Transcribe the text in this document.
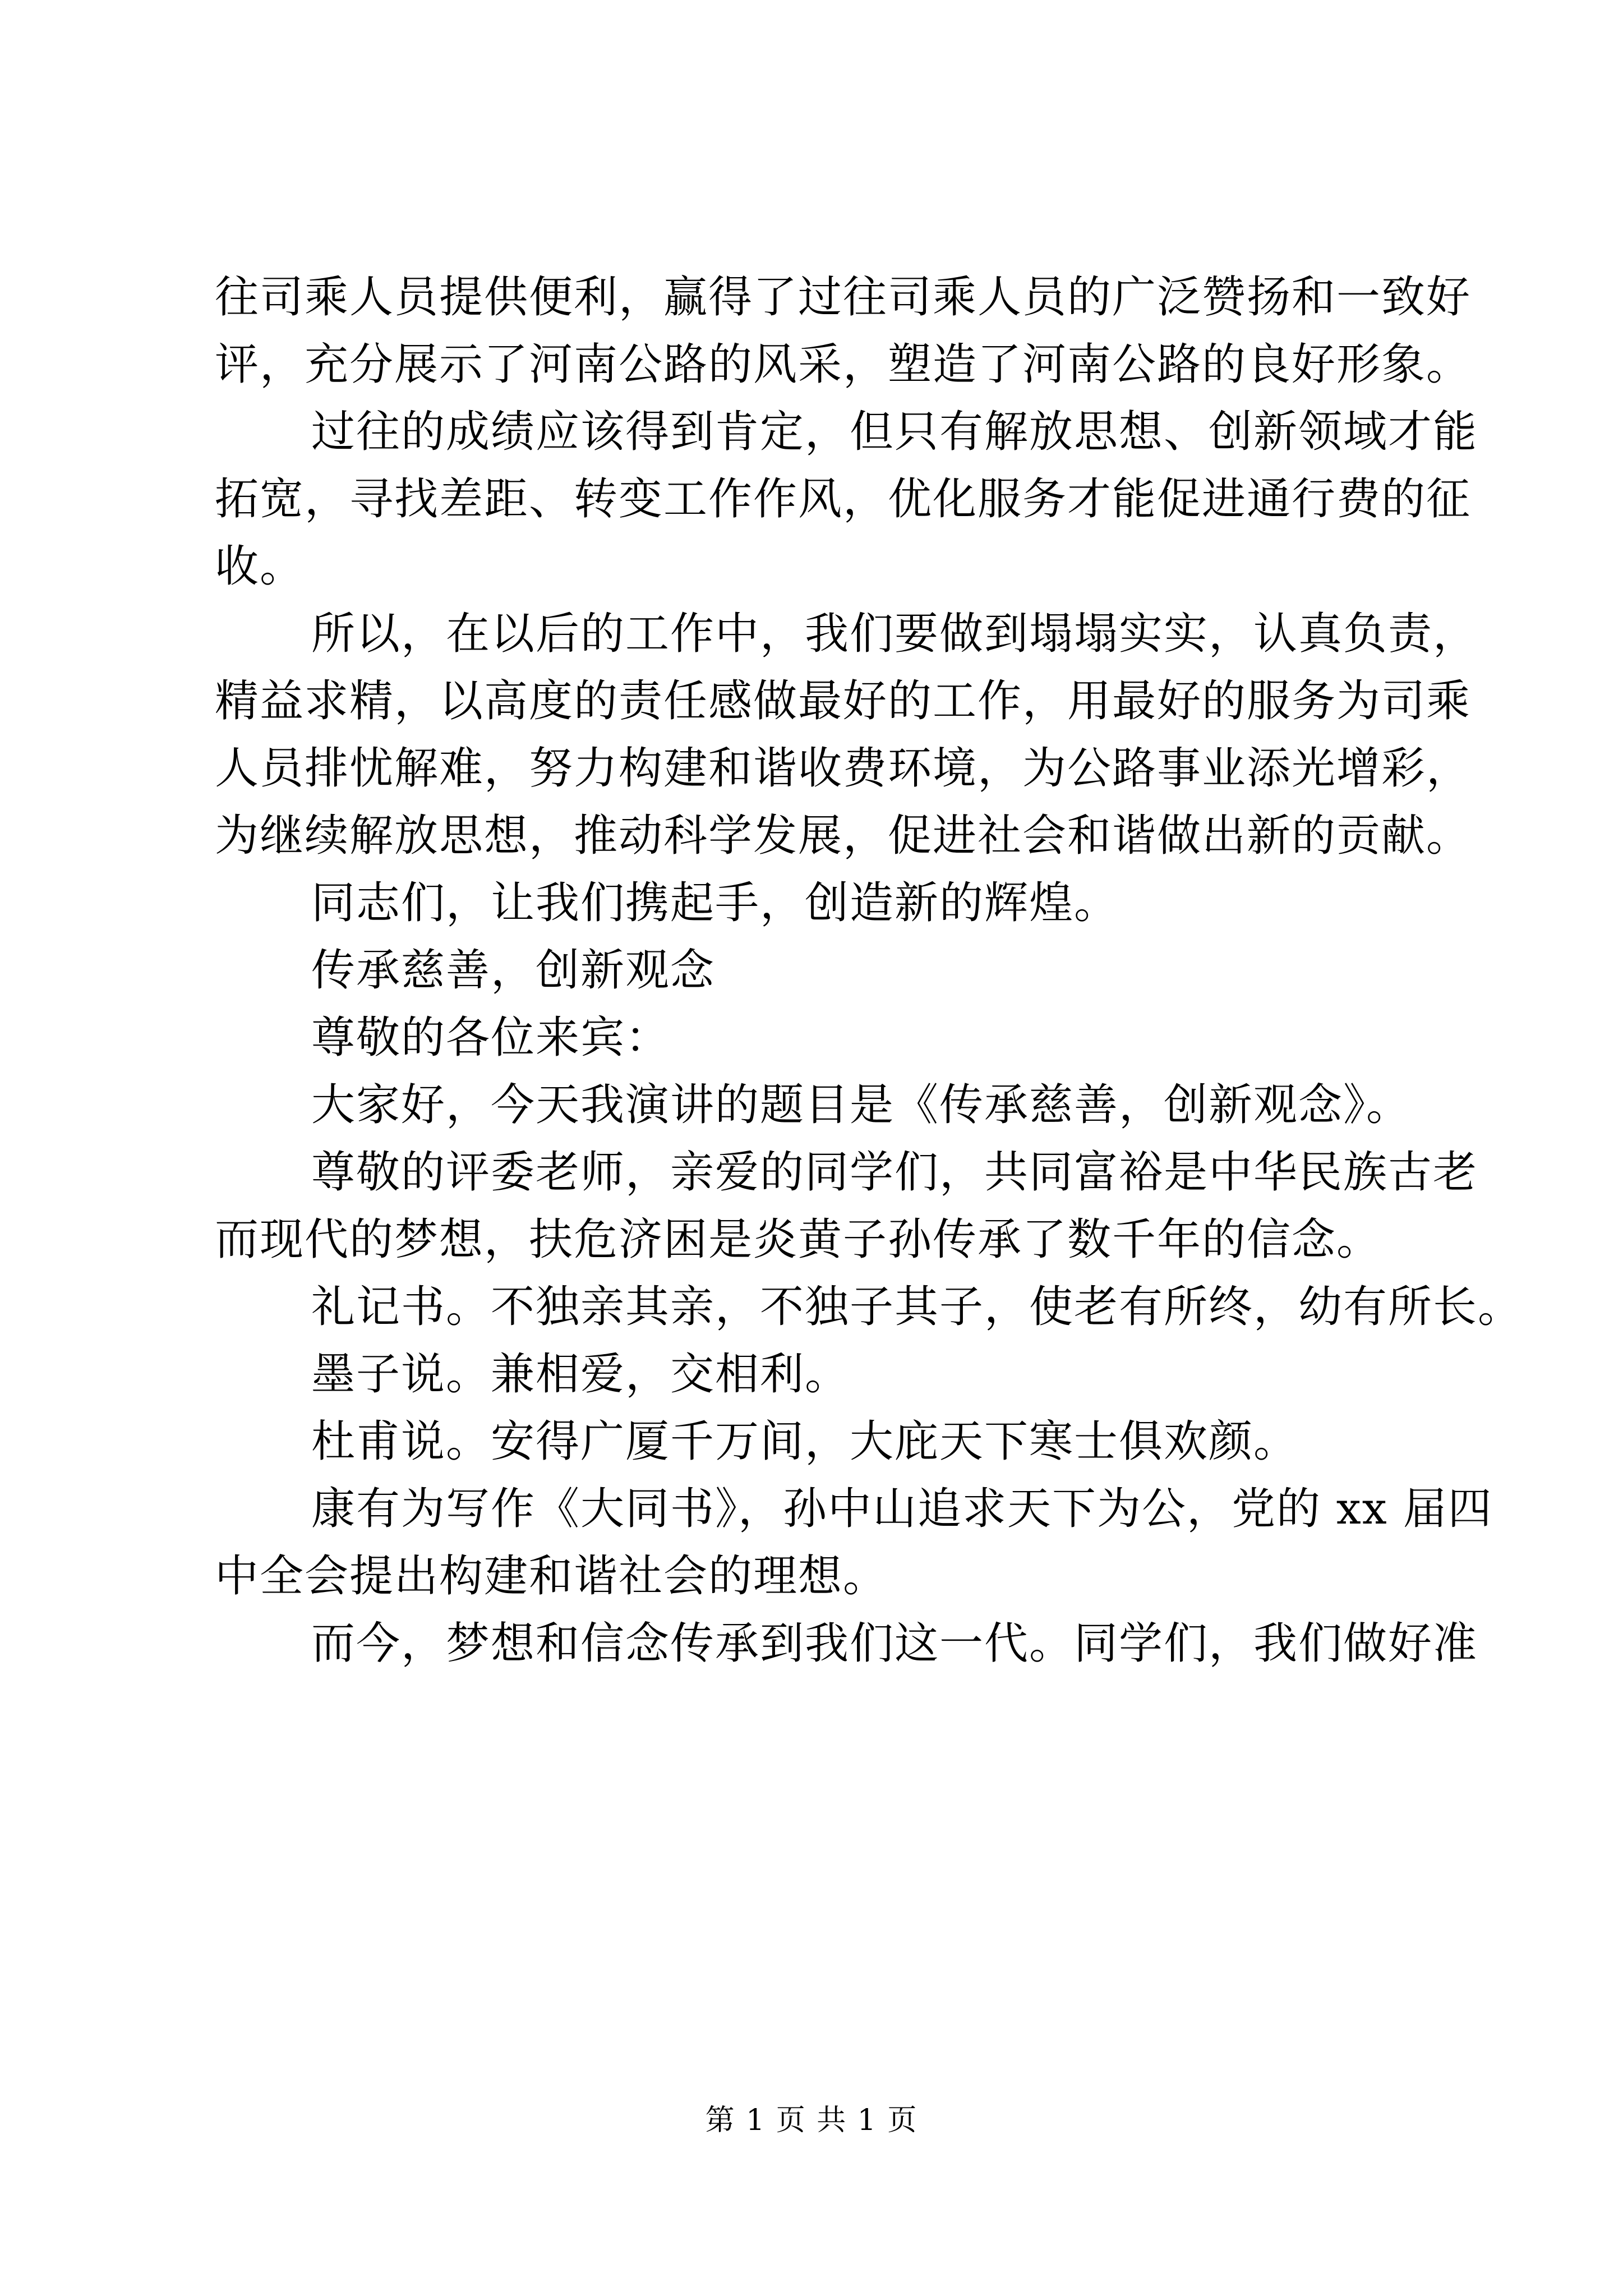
往司乘人员提供便利，赢得了过往司乘人员的广泛赞扬和一致好
评，充分展示了河南公路的风采，塑造了河南公路的良好形象。
过往的成绩应该得到肯定，但只有解放思想、创新领域才能
拓宽，寻找差距、转变工作作风，优化服务才能促进通行费的征
收。
所以，在以后的工作中，我们要做到塌塌实实，认真负责，
精益求精，以高度的责任感做最好的工作，用最好的服务为司乘
人员排忧解难，努力构建和谐收费环境，为公路事业添光增彩，
为继续解放思想，推动科学发展，促进社会和谐做出新的贡献。
同志们，让我们携起手，创造新的辉煌。
传承慈善，创新观念
尊敬的各位来宾：
大家好，今天我演讲的题目是《传承慈善，创新观念》。
尊敬的评委老师，亲爱的同学们，共同富裕是中华民族古老
而现代的梦想，扶危济困是炎黄子孙传承了数千年的信念。
礼记书。不独亲其亲，不独子其子，使老有所终，幼有所长。
墨子说。兼相爱，交相利。
杜甫说。安得广厦千万间，大庇天下寒士俱欢颜。
康有为写作《大同书》，孙中山追求天下为公，党的 xx 届四
中全会提出构建和谐社会的理想。
而今，梦想和信念传承到我们这一代。同学们，我们做好准
第 1 页 共 1 页
